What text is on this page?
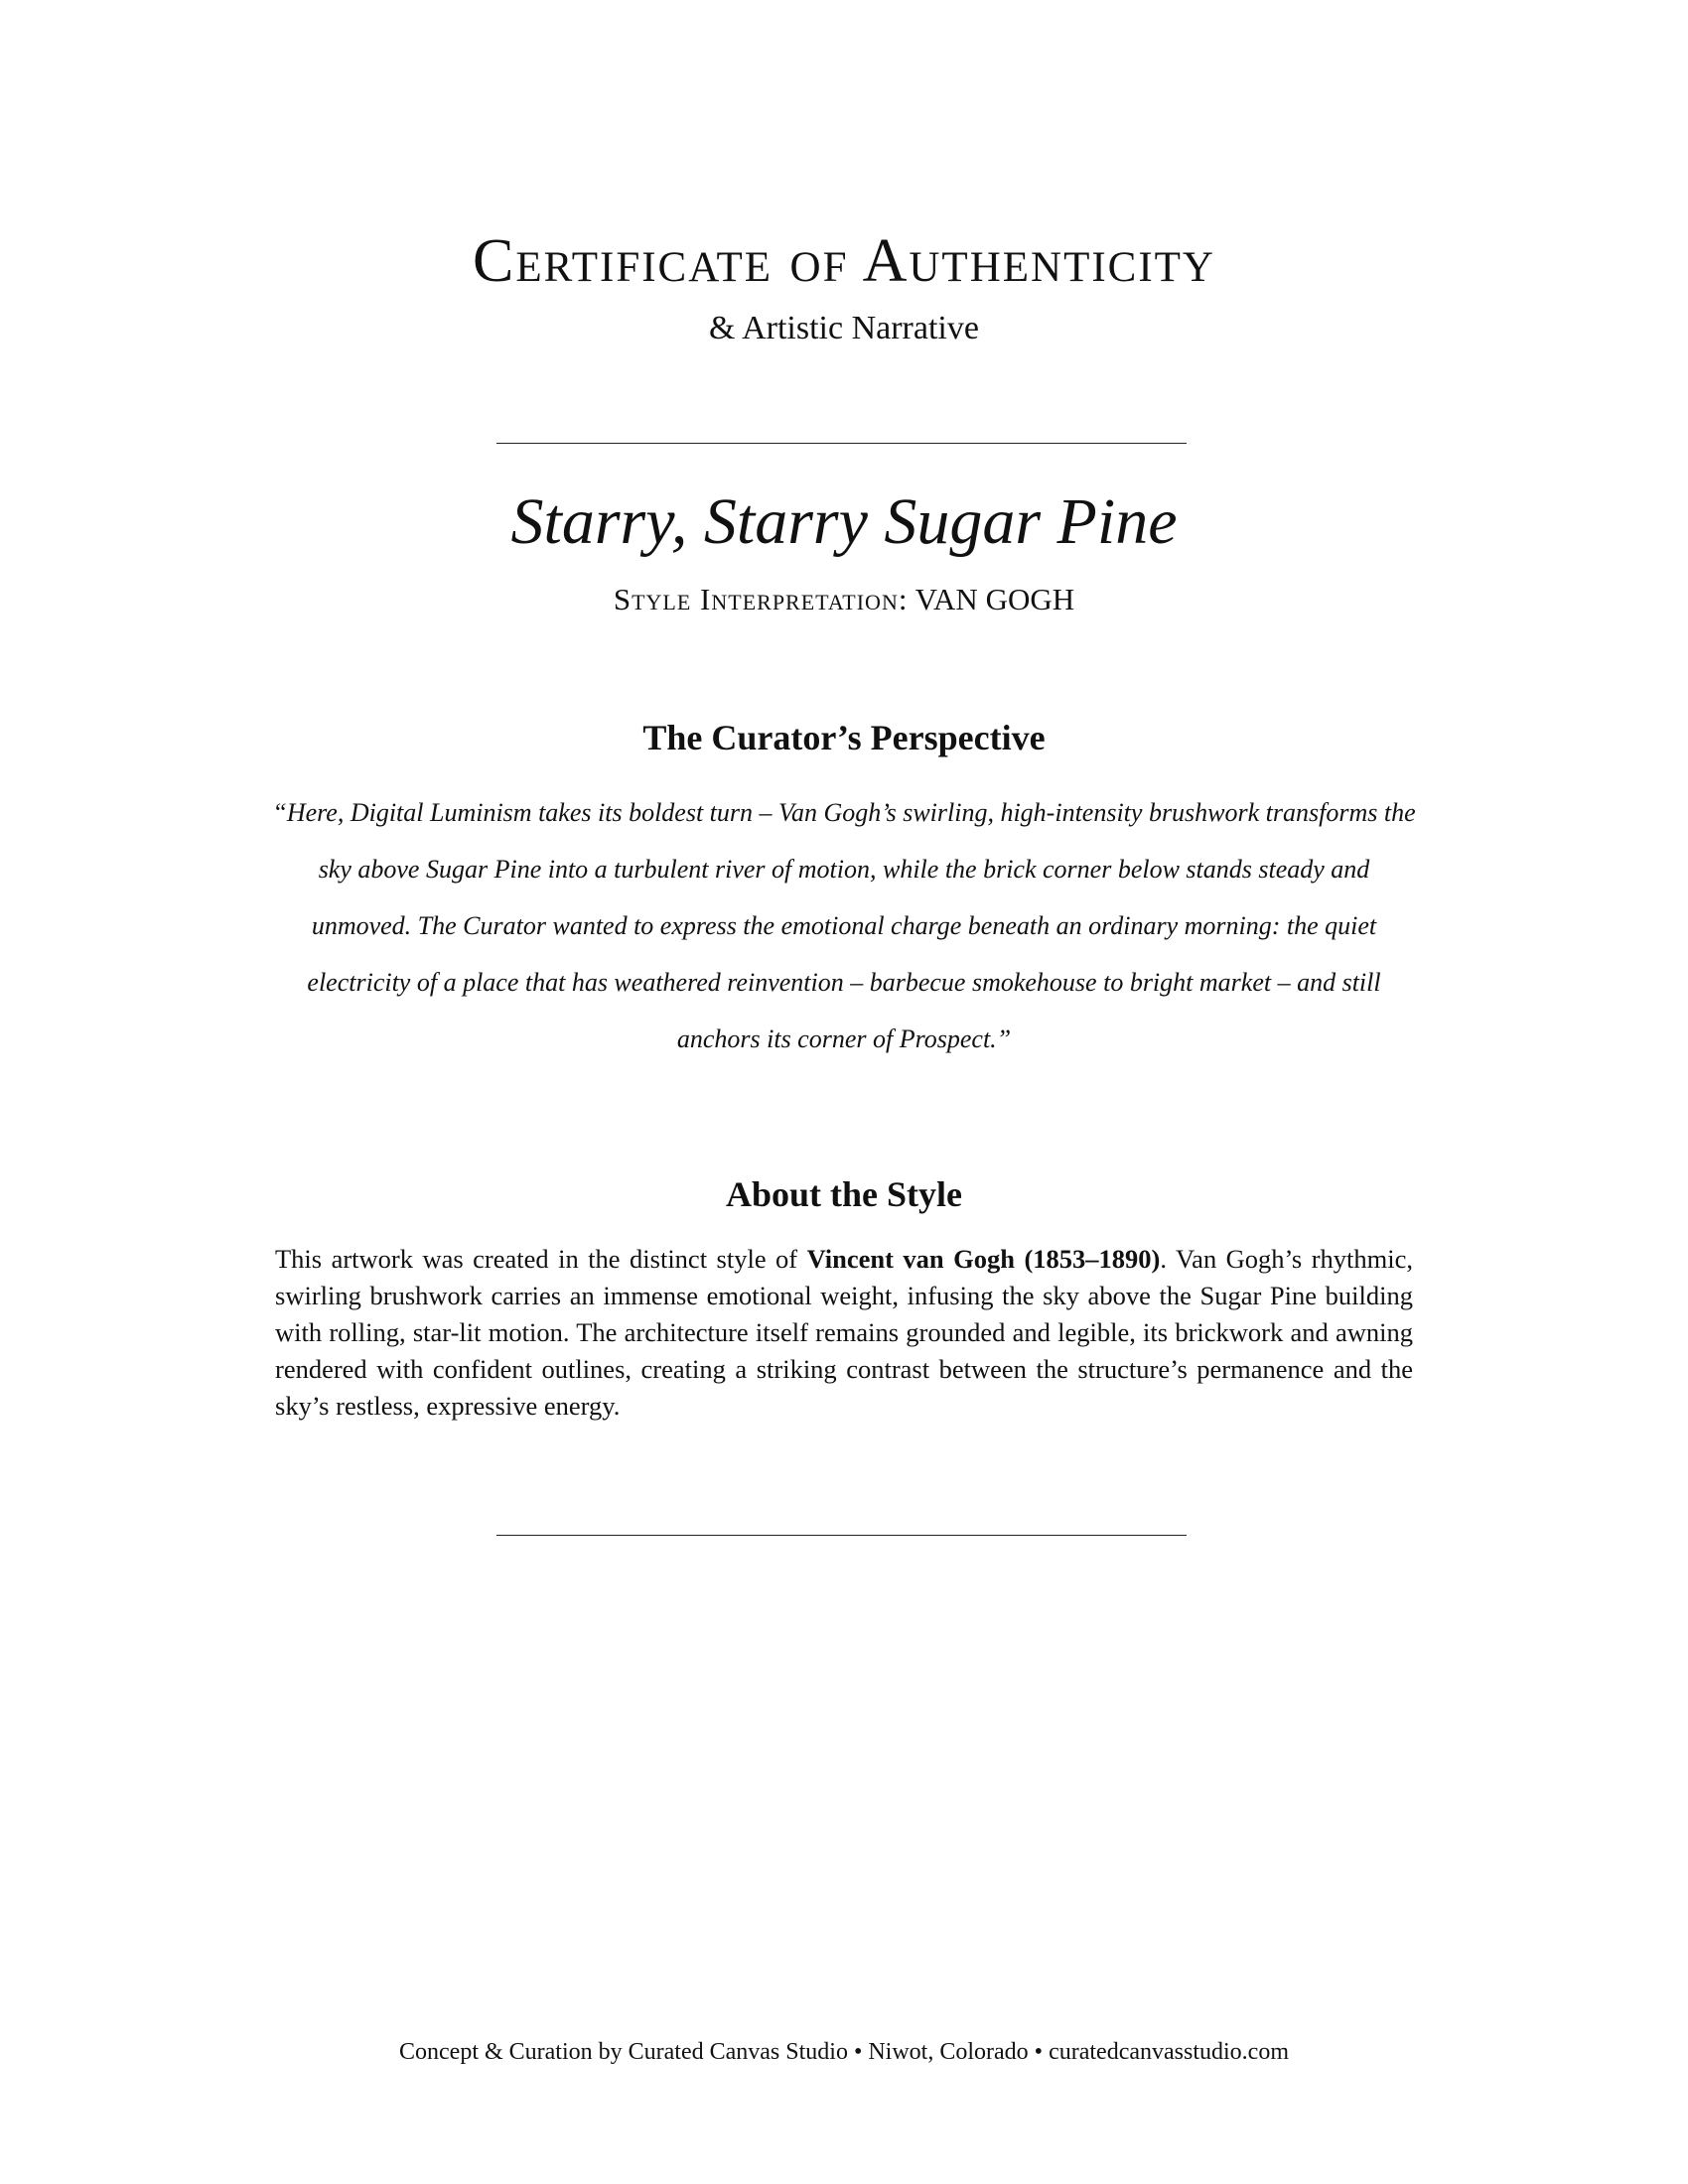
Certificate of Authenticity
& Artistic Narrative
Starry, Starry Sugar Pine
Style Interpretation: VAN GOGH
The Curator’s Perspective

“Here, Digital Luminism takes its boldest turn – Van Gogh’s swirling, high-intensity brushwork transforms the sky above Sugar Pine into a turbulent river of motion, while the brick corner below stands steady and unmoved. The Curator wanted to express the emotional charge beneath an ordinary morning: the quiet electricity of a place that has weathered reinvention – barbecue smokehouse to bright market – and still anchors its corner of Prospect.”

About the Style

This artwork was created in the distinct style of Vincent van Gogh (1853–1890). Van Gogh’s rhythmic, swirling brushwork carries an immense emotional weight, infusing the sky above the Sugar Pine building with rolling, star-lit motion. The architecture itself remains grounded and legible, its brickwork and awning rendered with confident outlines, creating a striking contrast between the structure’s permanence and the sky’s restless, expressive energy.

Concept & Curation by Curated Canvas Studio • Niwot, Colorado • curatedcanvasstudio.com
